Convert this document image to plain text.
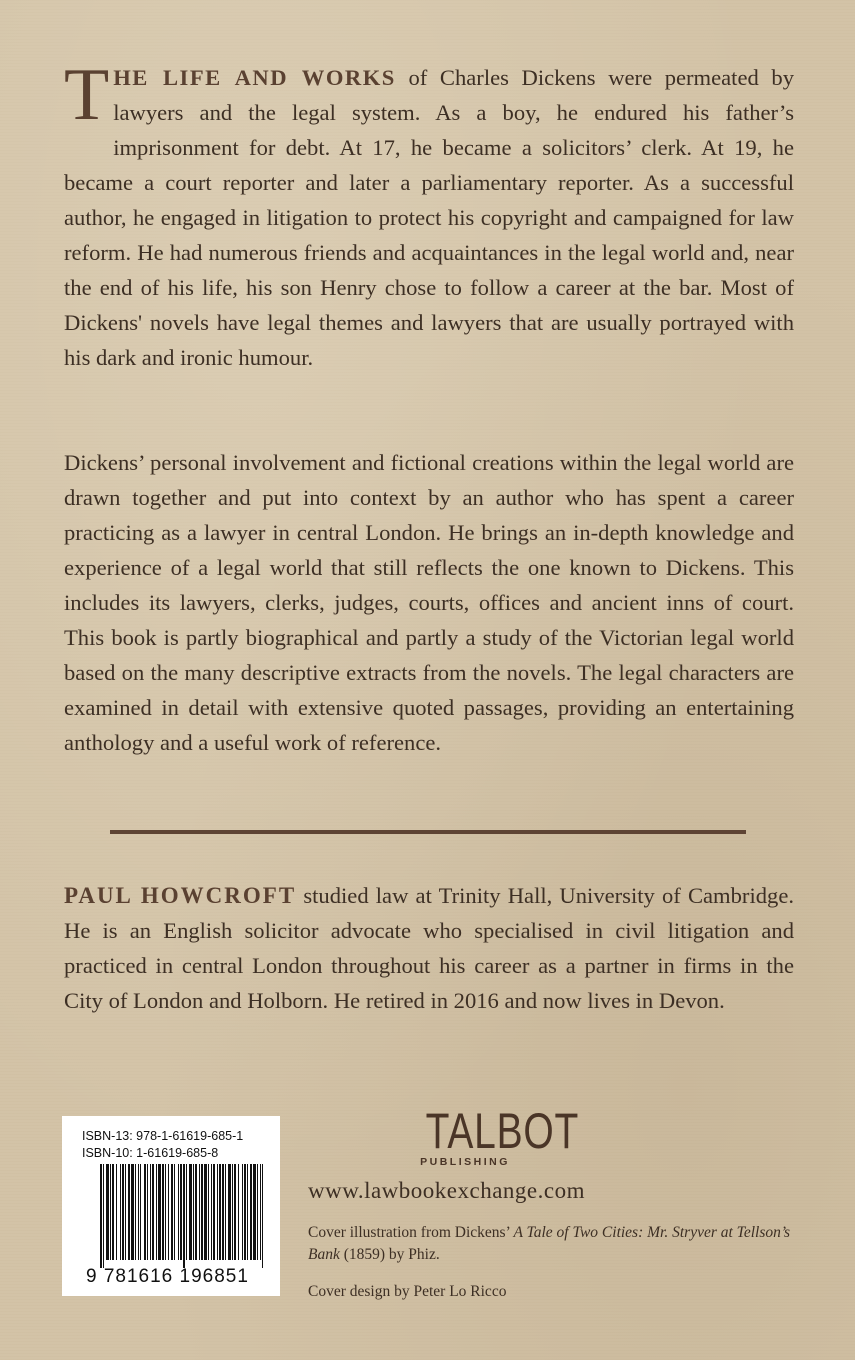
THE LIFE AND WORKS of Charles Dickens were permeated by lawyers and the legal system. As a boy, he endured his father’s imprisonment for debt. At 17, he became a solicitors’ clerk. At 19, he became a court reporter and later a parliamentary reporter. As a successful author, he engaged in litigation to protect his copyright and campaigned for law reform. He had numerous friends and acquaintances in the legal world and, near the end of his life, his son Henry chose to follow a career at the bar. Most of Dickens' novels have legal themes and lawyers that are usually portrayed with his dark and ironic humour.

Dickens’ personal involvement and fictional creations within the legal world are drawn together and put into context by an author who has spent a career practicing as a lawyer in central London. He brings an in-depth knowledge and experience of a legal world that still reflects the one known to Dickens. This includes its lawyers, clerks, judges, courts, offices and ancient inns of court. This book is partly biographical and partly a study of the Victorian legal world based on the many descriptive extracts from the novels. The legal characters are examined in detail with extensive quoted passages, providing an entertaining anthology and a useful work of reference.

PAUL HOWCROFT studied law at Trinity Hall, University of Cambridge. He is an English solicitor advocate who specialised in civil litigation and practiced in central London throughout his career as a partner in firms in the City of London and Holborn. He retired in 2016 and now lives in Devon.

ISBN-13: 978-1-61619-685-1
ISBN-10: 1-61619-685-8
9 781616 196851
TALBOT
PUBLISHING
www.lawbookexchange.com
Cover illustration from Dickens’ A Tale of Two Cities: Mr. Stryver at Tellson’s Bank (1859) by Phiz.
Cover design by Peter Lo Ricco
